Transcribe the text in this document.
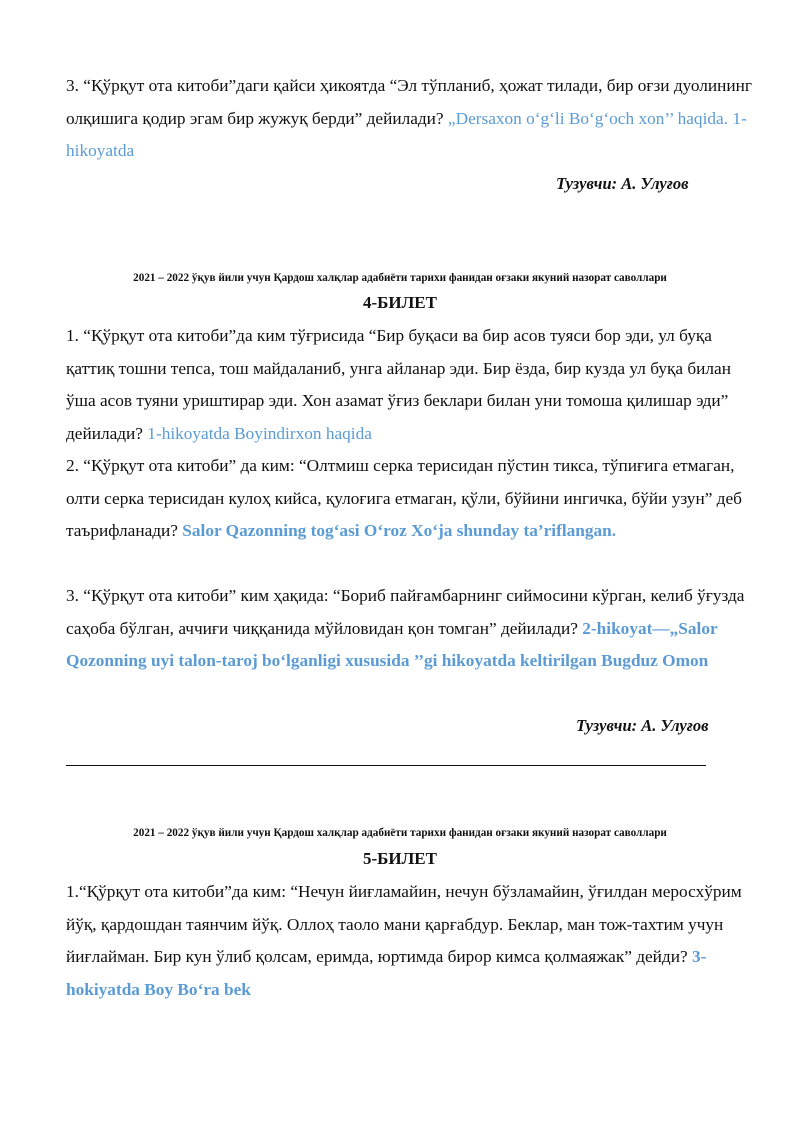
3. “Қўрқут ота китоби”даги қайси ҳикоятда “Эл тўпланиб, ҳожат тилади, бир оғзи дуолининг олқишига қодир эгам бир жужуқ берди” дейилади? „Dersaxon oʻgʻli Boʻgʻoch xon’’ haqida. 1-hikoyatda

Тузувчи: А. Улуғов
2021 – 2022 ўқув йили учун Қардош халқлар адабиёти тарихи фанидан оғзаки якуний назорат саволлари
4-БИЛЕТ

1. “Қўрқут ота китоби”да ким тўғрисида “Бир буқаси ва бир асов туяси бор эди, ул буқа қаттиқ тошни тепса, тош майдаланиб, унга айланар эди. Бир ёзда, бир кузда ул буқа билан ўша асов туяни уриштирар эди. Хон азамат ўғиз беклари билан уни томоша қилишар эди” дейилади? 1-hikoyatda Boyindirxon haqida

2. “Қўрқут ота китоби” да ким: “Олтмиш серка терисидан пўстин тикса, тўпиғига етмаган, олти серка терисидан кулоҳ кийса, қулоғига етмаган, қўли, бўйини ингичка, бўйи узун” деб таърифланади? Salor Qazonning togʻasi Oʻroz Xoʻja shunday ta’riflangan.

3. “Қўрқут ота китоби” ким ҳақида: “Бориб пайғамбарнинг сиймосини кўрган, келиб ўғузда саҳоба бўлган, аччиғи чиққанида мўйловидан қон томган” дейилади? 2-hikoyat—„Salor Qozonning uyi talon-taroj boʻlganligi xususida ’’gi hikoyatda keltirilgan Bugduz Omon

Тузувчи: А. Улуғов
2021 – 2022 ўқув йили учун Қардош халқлар адабиёти тарихи фанидан оғзаки якуний назорат саволлари
5-БИЛЕТ

1.“Қўрқут ота китоби”да ким: “Нечун йиғламайин, нечун бўзламайин, ўғилдан меросхўрим йўқ, қардошдан таянчим йўқ. Оллоҳ таоло мани қарғабдур. Беклар, ман тож-тахтим учун йиғлайман. Бир кун ўлиб қолсам, еримда, юртимда бирор кимса қолмаяжак” дейди? 3-hokiyatda Boy Boʻra bek
